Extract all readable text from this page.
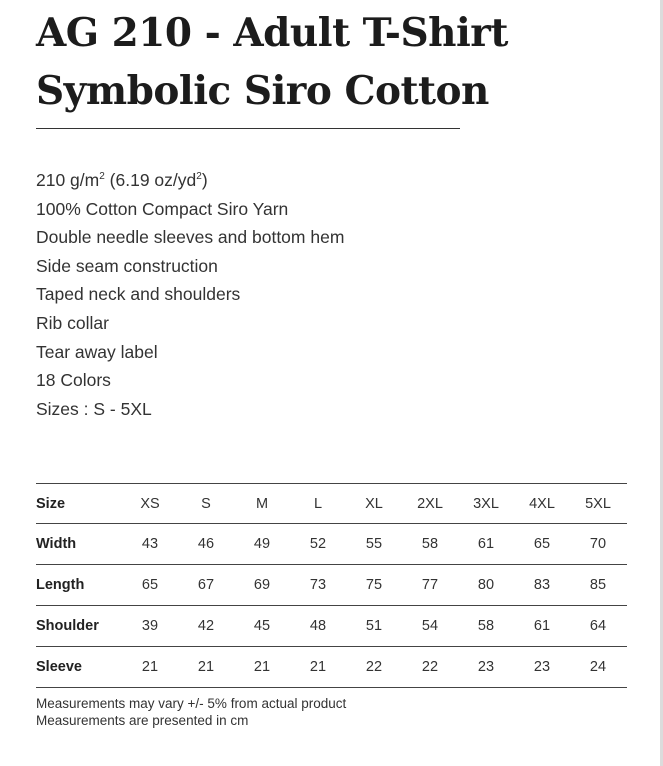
AG 210 - Adult T-Shirt
Symbolic Siro Cotton
210 $g/m^2$ (6.19 $oz/yd^2$)
100% Cotton Compact Siro Yarn
Double needle sleeves and bottom hem
Side seam construction
Taped neck and shoulders
Rib collar
Tear away label
18 Colors
Sizes : S - 5XL
Size	XS	S	M	L	XL	2XL	3XL	4XL	5XL
Width	43	46	49	52	55	58	61	65	70
Length	65	67	69	73	75	77	80	83	85
Shoulder	39	42	45	48	51	54	58	61	64
Sleeve	21	21	21	21	22	22	23	23	24
Measurements may vary +/- 5% from actual product
Measurements are presented in cm
